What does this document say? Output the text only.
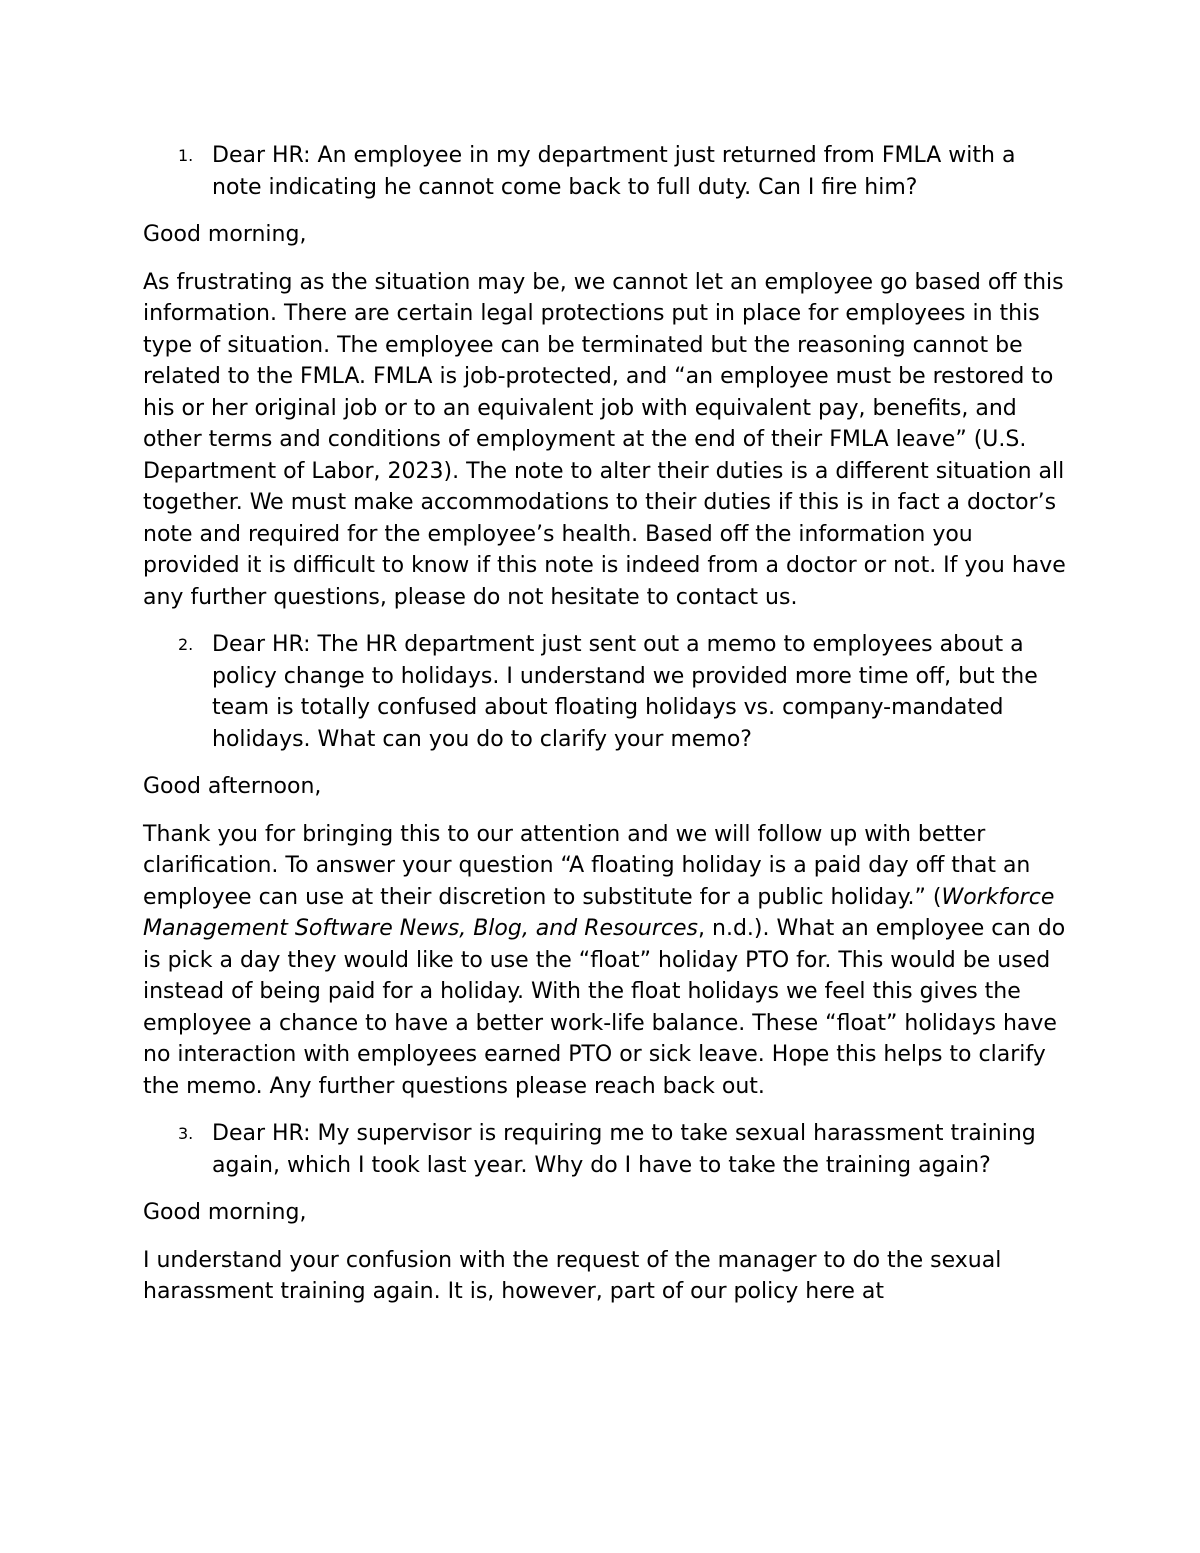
1. Dear HR: An employee in my department just returned from FMLA with a note indicating he cannot come back to full duty. Can I fire him?
Good morning,
As frustrating as the situation may be, we cannot let an employee go based off this information. There are certain legal protections put in place for employees in this type of situation. The employee can be terminated but the reasoning cannot be related to the FMLA. FMLA is job-protected, and “an employee must be restored to his or her original job or to an equivalent job with equivalent pay, benefits, and other terms and conditions of employment at the end of their FMLA leave” (U.S. Department of Labor, 2023). The note to alter their duties is a different situation all together. We must make accommodations to their duties if this is in fact a doctor’s note and required for the employee’s health. Based off the information you provided it is difficult to know if this note is indeed from a doctor or not. If you have any further questions, please do not hesitate to contact us.
2. Dear HR: The HR department just sent out a memo to employees about a policy change to holidays. I understand we provided more time off, but the team is totally confused about floating holidays vs. company-mandated holidays. What can you do to clarify your memo?
Good afternoon,
Thank you for bringing this to our attention and we will follow up with better clarification. To answer your question “A floating holiday is a paid day off that an employee can use at their discretion to substitute for a public holiday.” (Workforce Management Software News, Blog, and Resources, n.d.). What an employee can do is pick a day they would like to use the “float” holiday PTO for. This would be used instead of being paid for a holiday. With the float holidays we feel this gives the employee a chance to have a better work-life balance. These “float” holidays have no interaction with employees earned PTO or sick leave. Hope this helps to clarify the memo. Any further questions please reach back out.
3. Dear HR: My supervisor is requiring me to take sexual harassment training again, which I took last year. Why do I have to take the training again?
Good morning,
I understand your confusion with the request of the manager to do the sexual harassment training again. It is, however, part of our policy here at
